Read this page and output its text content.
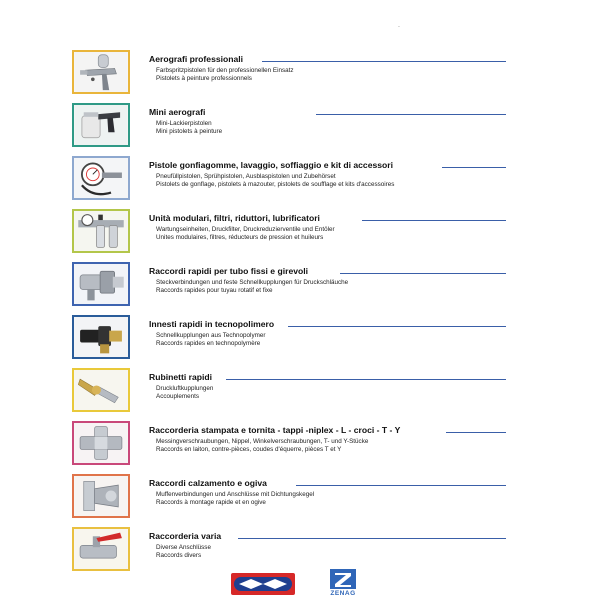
.
Aerografi professionali
Farbspritzpistolen für den professionellen Einsatz
Pistolets à peinture professionnels
Mini aerografi
Mini-Lackierpistolen
Mini pistolets à peinture
Pistole gonfiagomme, lavaggio, soffiaggio e kit di accessori
Pneufüllpistolen, Sprühpistolen, Ausblaspistolen und Zubehörset
Pistolets de gonflage, pistolets à mazouter, pistolets de soufflage et kits d'accessoires
Unità modulari, filtri, riduttori, lubrificatori
Wartungseinheiten, Druckfilter, Druckreduzierventile und Entöler
Unites modulaires, filtres, réducteurs de pression et huileurs
Raccordi rapidi per tubo fissi e girevoli
Steckverbindungen und feste Schnellkupplungen für Druckschläuche
Raccords rapides pour tuyau rotatif et fixe
Innesti rapidi in tecnopolimero
Schnellkupplungen aus Technopolymer
Raccords rapides en technopolymère
Rubinetti rapidi
Druckluftkupplungen
Accouplements
Raccorderia stampata e tornita - tappi -niplex - L - croci - T - Y
Messingverschraubungen, Nippel, Winkelverschraubungen, T- und Y-Stücke
Raccords en laiton, contre-pièces, coudes d'équerre, pièces T et Y
Raccordi calzamento e ogiva
Muffenverbindungen und Anschlüsse mit Dichtungskegel
Raccords à montage rapide et en ogive
Raccorderia varia
Diverse Anschlüsse
Raccords divers
ZENAG
